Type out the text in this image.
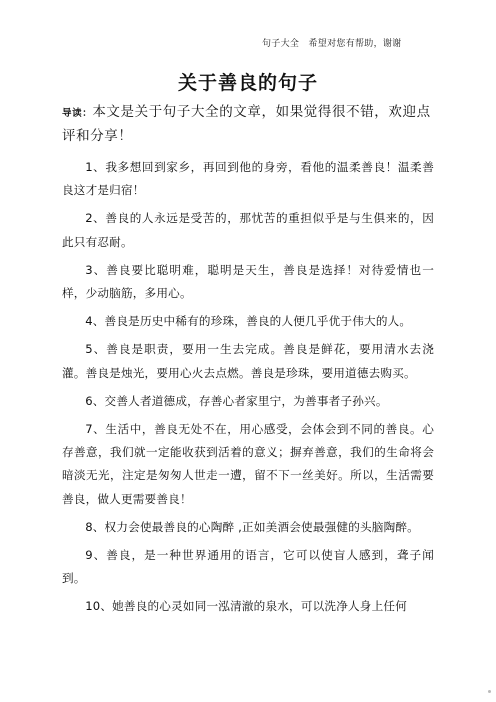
句子大全　希望对您有帮助，谢谢
关于善良的句子
导读：本文是关于句子大全的文章，如果觉得很不错，欢迎点评和分享！

1、我多想回到家乡，再回到他的身旁，看他的温柔善良！温柔善良这才是归宿！

2、善良的人永远是受苦的，那忧苦的重担似乎是与生俱来的，因此只有忍耐。

3、善良要比聪明难，聪明是天生，善良是选择！对待爱情也一样，少动脑筋，多用心。

4、善良是历史中稀有的珍珠，善良的人便几乎优于伟大的人。

5、善良是职责，要用一生去完成。善良是鲜花，要用清水去浇灌。善良是烛光，要用心火去点燃。善良是珍珠，要用道德去购买。

6、交善人者道德成，存善心者家里宁，为善事者子孙兴。

7、生活中，善良无处不在，用心感受，会体会到不同的善良。心存善意，我们就一定能收获到活着的意义；摒弃善意，我们的生命将会暗淡无光，注定是匆匆人世走一遭，留不下一丝美好。所以，生活需要善良，做人更需要善良！

8、权力会使最善良的心陶醉 ,正如美酒会使最强健的头脑陶醉。

9、善良，是一种世界通用的语言，它可以使盲人感到，聋子闻到。

10、她善良的心灵如同一泓清澈的泉水，可以洗净人身上任何
